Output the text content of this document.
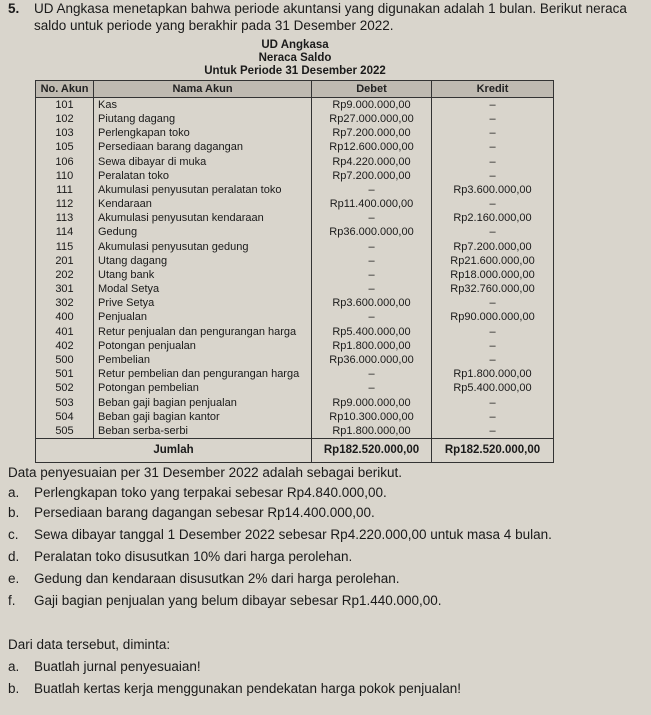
5. UD Angkasa menetapkan bahwa periode akuntansi yang digunakan adalah 1 bulan. Berikut neraca
saldo untuk periode yang berakhir pada 31 Desember 2022.
UD Angkasa
Neraca Saldo
Untuk Periode 31 Desember 2022
No. Akun	Nama Akun	Debet	Kredit
101	Kas	Rp9.000.000,00	–
102	Piutang dagang	Rp27.000.000,00	–
103	Perlengkapan toko	Rp7.200.000,00	–
105	Persediaan barang dagangan	Rp12.600.000,00	–
106	Sewa dibayar di muka	Rp4.220.000,00	–
110	Peralatan toko	Rp7.200.000,00	–
111	Akumulasi penyusutan peralatan toko	–	Rp3.600.000,00
112	Kendaraan	Rp11.400.000,00	–
113	Akumulasi penyusutan kendaraan	–	Rp2.160.000,00
114	Gedung	Rp36.000.000,00	–
115	Akumulasi penyusutan gedung	–	Rp7.200.000,00
201	Utang dagang	–	Rp21.600.000,00
202	Utang bank	–	Rp18.000.000,00
301	Modal Setya	–	Rp32.760.000,00
302	Prive Setya	Rp3.600.000,00	–
400	Penjualan	–	Rp90.000.000,00
401	Retur penjualan dan pengurangan harga	Rp5.400.000,00	–
402	Potongan penjualan	Rp1.800.000,00	–
500	Pembelian	Rp36.000.000,00	–
501	Retur pembelian dan pengurangan harga	–	Rp1.800.000,00
502	Potongan pembelian	–	Rp5.400.000,00
503	Beban gaji bagian penjualan	Rp9.000.000,00	–
504	Beban gaji bagian kantor	Rp10.300.000,00	–
505	Beban serba-serbi	Rp1.800.000,00	–
Jumlah		Rp182.520.000,00	Rp182.520.000,00
Data penyesuaian per 31 Desember 2022 adalah sebagai berikut.
a. Perlengkapan toko yang terpakai sebesar Rp4.840.000,00.
b. Persediaan barang dagangan sebesar Rp14.400.000,00.
c. Sewa dibayar tanggal 1 Desember 2022 sebesar Rp4.220.000,00 untuk masa 4 bulan.
d. Peralatan toko disusutkan 10% dari harga perolehan.
e. Gedung dan kendaraan disusutkan 2% dari harga perolehan.
f. Gaji bagian penjualan yang belum dibayar sebesar Rp1.440.000,00.
Dari data tersebut, diminta:
a. Buatlah jurnal penyesuaian!
b. Buatlah kertas kerja menggunakan pendekatan harga pokok penjualan!
